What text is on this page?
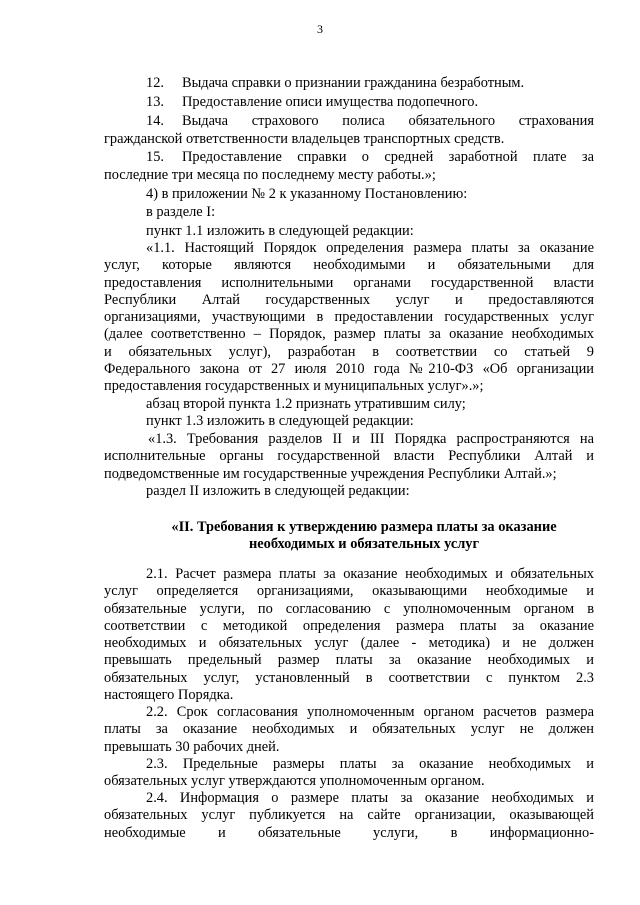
3

12. Выдача справки о признании гражданина безработным.

13. Предоставление описи имущества подопечного.

14. Выдача страхового полиса обязательного страхования

гражданской ответственности владельцев транспортных средств.

15. Предоставление справки о средней заработной плате за

последние три месяца по последнему месту работы.»;

4) в приложении № 2 к указанному Постановлению:

в разделе I:

пункт 1.1 изложить в следующей редакции:

«1.1. Настоящий Порядок определения размера платы за оказание

услуг, которые являются необходимыми и обязательными для

предоставления исполнительными органами государственной власти

Республики Алтай государственных услуг и предоставляются

организациями, участвующими в предоставлении государственных услуг

(далее соответственно – Порядок, размер платы за оказание необходимых

и обязательных услуг), разработан в соответствии со статьей 9

Федерального закона от 27 июля 2010 года №210-ФЗ «Об организации

предоставления государственных и муниципальных услуг».»;

абзац второй пункта 1.2 признать утратившим силу;

пункт 1.3 изложить в следующей редакции:

«1.3. Требования разделов II и III Порядка распространяются на

исполнительные органы государственной власти Республики Алтай и

подведомственные им государственные учреждения Республики Алтай.»;

раздел II изложить в следующей редакции:

«II. Требования к утверждению размера платы за оказание

необходимых и обязательных услуг

2.1. Расчет размера платы за оказание необходимых и обязательных

услуг определяется организациями, оказывающими необходимые и

обязательные услуги, по согласованию с уполномоченным органом в

соответствии с методикой определения размера платы за оказание

необходимых и обязательных услуг (далее - методика) и не должен

превышать предельный размер платы за оказание необходимых и

обязательных услуг, установленный в соответствии с пунктом 2.3

настоящего Порядка.

2.2. Срок согласования уполномоченным органом расчетов размера

платы за оказание необходимых и обязательных услуг не должен

превышать 30 рабочих дней.

2.3. Предельные размеры платы за оказание необходимых и

обязательных услуг утверждаются уполномоченным органом.

2.4. Информация о размере платы за оказание необходимых и

обязательных услуг публикуется на сайте организации, оказывающей

необходимые и обязательные услуги, в информационно-
